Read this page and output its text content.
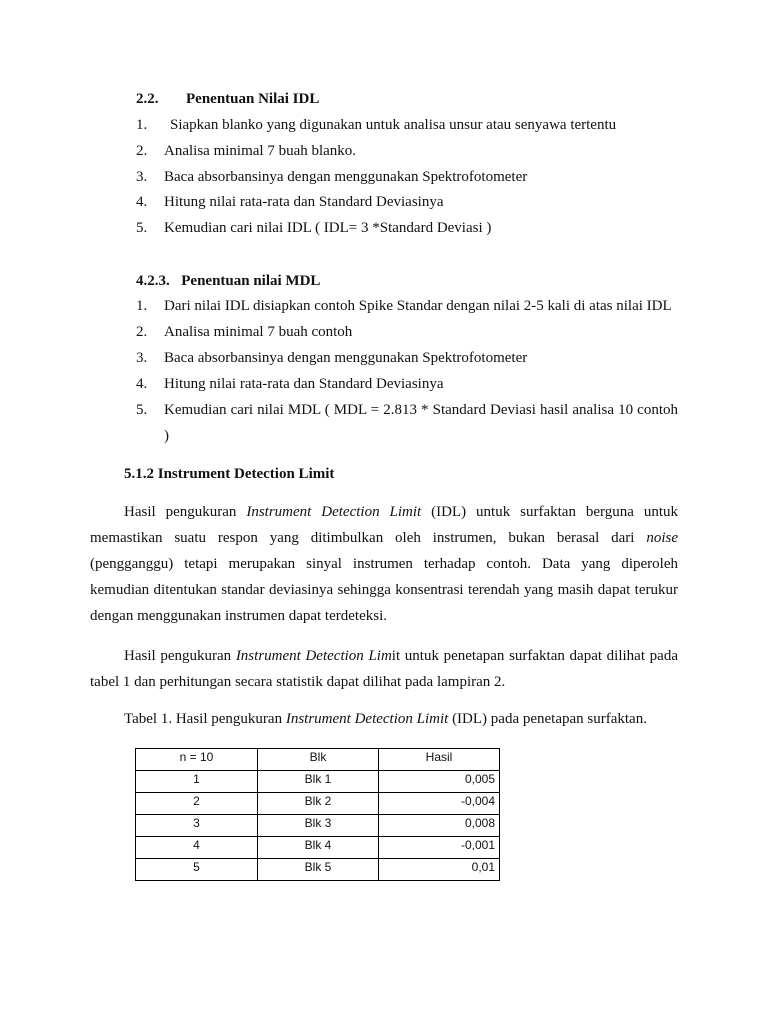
2.2. Penentuan Nilai IDL
1. Siapkan blanko yang digunakan untuk analisa unsur atau senyawa tertentu
2. Analisa minimal 7 buah blanko.
3. Baca absorbansinya dengan menggunakan Spektrofotometer
4. Hitung nilai rata-rata dan Standard Deviasinya
5. Kemudian cari nilai IDL ( IDL= 3 *Standard Deviasi )
4.2.3. Penentuan nilai MDL
1. Dari nilai IDL disiapkan contoh Spike Standar dengan nilai 2-5 kali di atas nilai IDL
2. Analisa minimal 7 buah contoh
3. Baca absorbansinya dengan menggunakan Spektrofotometer
4. Hitung nilai rata-rata dan Standard Deviasinya
5. Kemudian cari nilai MDL ( MDL = 2.813 * Standard Deviasi hasil analisa 10 contoh
)
5.1.2 Instrument Detection Limit
Hasil pengukuran Instrument Detection Limit (IDL) untuk surfaktan berguna untuk
memastikan suatu respon yang ditimbulkan oleh instrumen, bukan berasal dari noise
(pengganggu) tetapi merupakan sinyal instrumen terhadap contoh. Data yang diperoleh
kemudian ditentukan standar deviasinya sehingga konsentrasi terendah yang masih dapat terukur
dengan menggunakan instrumen dapat terdeteksi.
Hasil pengukuran Instrument Detection Limit untuk penetapan surfaktan dapat dilihat pada
tabel 1 dan perhitungan secara statistik dapat dilihat pada lampiran 2.
Tabel 1. Hasil pengukuran Instrument Detection Limit (IDL) pada penetapan surfaktan.
n = 10	Blk	Hasil
1	Blk 1	0,005
2	Blk 2	-0,004
3	Blk 3	0,008
4	Blk 4	-0,001
5	Blk 5	0,01
